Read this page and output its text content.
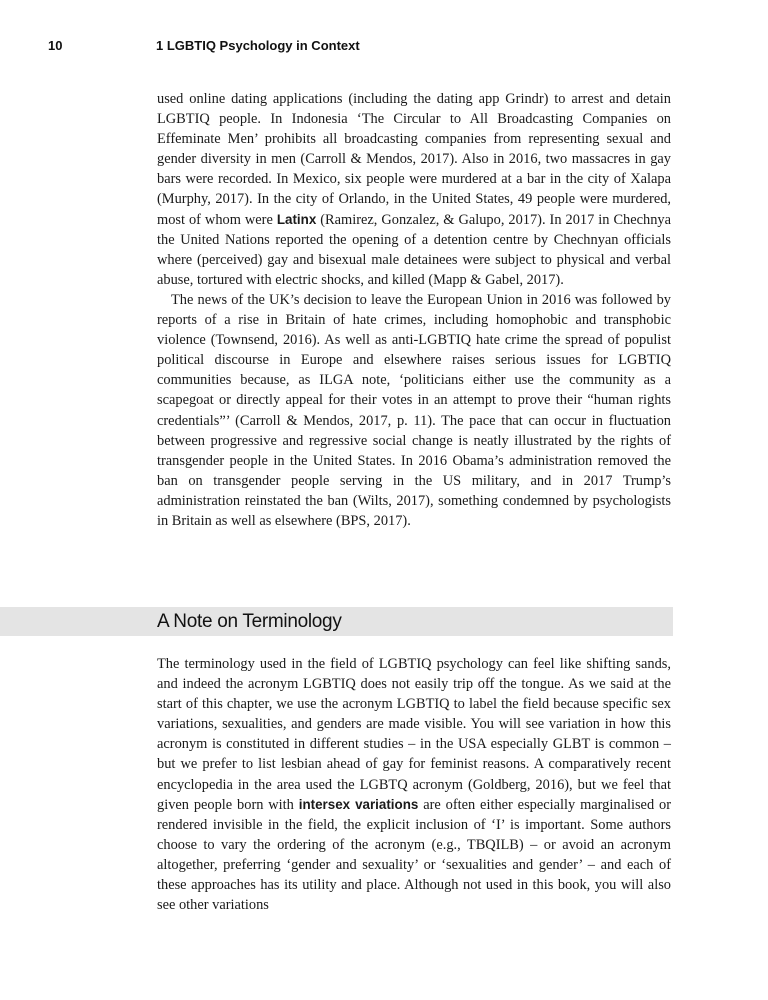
10	1 LGBTIQ Psychology in Context

used online dating applications (including the dating app Grindr) to arrest and detain LGBTIQ people. In Indonesia ‘The Circular to All Broadcasting Companies on Effeminate Men’ prohibits all broadcasting companies from representing sexual and gender diversity in men (Carroll & Mendos, 2017). Also in 2016, two massacres in gay bars were recorded. In Mexico, six people were murdered at a bar in the city of Xalapa (Murphy, 2017). In the city of Orlando, in the United States, 49 people were murdered, most of whom were Latinx (Ramirez, Gonzalez, & Galupo, 2017). In 2017 in Chechnya the United Nations reported the opening of a detention centre by Chechnyan officials where (perceived) gay and bisexual male detainees were subject to physical and verbal abuse, tortured with electric shocks, and killed (Mapp & Gabel, 2017).

The news of the UK’s decision to leave the European Union in 2016 was followed by reports of a rise in Britain of hate crimes, including homophobic and transphobic violence (Townsend, 2016). As well as anti-LGBTIQ hate crime the spread of populist political discourse in Europe and elsewhere raises serious issues for LGBTIQ communities because, as ILGA note, ‘politicians either use the community as a scapegoat or directly appeal for their votes in an attempt to prove their “human rights credentials”’ (Carroll & Mendos, 2017, p. 11). The pace that can occur in fluctuation between progressive and regressive social change is neatly illustrated by the rights of transgender people in the United States. In 2016 Obama’s administration removed the ban on transgender people serving in the US military, and in 2017 Trump’s administration reinstated the ban (Wilts, 2017), something condemned by psychologists in Britain as well as elsewhere (BPS, 2017).

A Note on Terminology

The terminology used in the field of LGBTIQ psychology can feel like shifting sands, and indeed the acronym LGBTIQ does not easily trip off the tongue. As we said at the start of this chapter, we use the acronym LGBTIQ to label the field because specific sex variations, sexualities, and genders are made visible. You will see variation in how this acronym is constituted in different studies – in the USA especially GLBT is common – but we prefer to list lesbian ahead of gay for feminist reasons. A comparatively recent encyclopedia in the area used the LGBTQ acronym (Goldberg, 2016), but we feel that given people born with intersex variations are often either especially marginalised or rendered invisible in the field, the explicit inclusion of ‘I’ is important. Some authors choose to vary the ordering of the acronym (e.g., TBQILB) – or avoid an acronym altogether, preferring ‘gender and sexuality’ or ‘sexualities and gender’ – and each of these approaches has its utility and place. Although not used in this book, you will also see other variations
